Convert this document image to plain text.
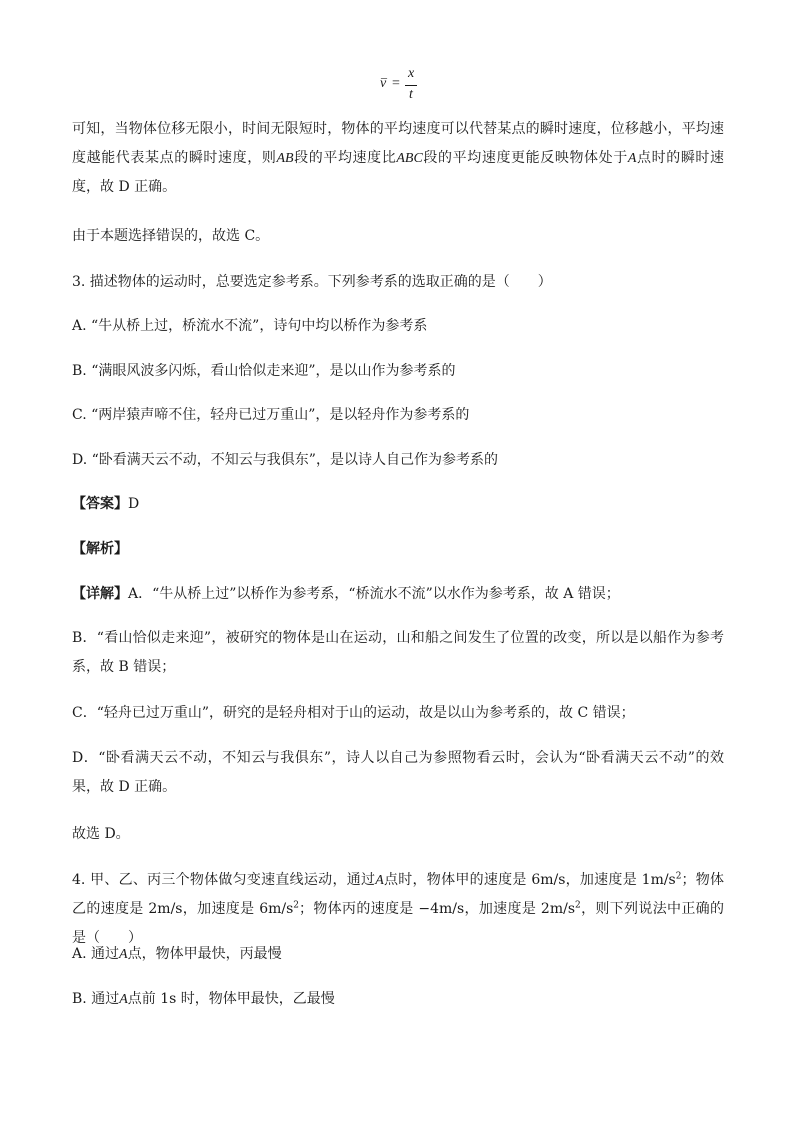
_
v =
x
t

可知，当物体位移无限小，时间无限短时，物体的平均速度可以代替某点的瞬时速度，位移越小，平均速度越能代表某点的瞬时速度，则AB段的平均速度比ABC段的平均速度更能反映物体处于A点时的瞬时速度，故 D 正确。

由于本题选择错误的，故选 C。

3. 描述物体的运动时，总要选定参考系。下列参考系的选取正确的是（　　）

A. “牛从桥上过，桥流水不流”，诗句中均以桥作为参考系

B. “满眼风波多闪烁，看山恰似走来迎”，是以山作为参考系的

C. “两岸猿声啼不住，轻舟已过万重山”，是以轻舟作为参考系的

D. “卧看满天云不动，不知云与我俱东”，是以诗人自己作为参考系的

【答案】D

【解析】

【详解】A．“牛从桥上过”以桥作为参考系，“桥流水不流”以水作为参考系，故 A 错误；

B．“看山恰似走来迎”，被研究的物体是山在运动，山和船之间发生了位置的改变，所以是以船作为参考系，故 B 错误；

C．“轻舟已过万重山”，研究的是轻舟相对于山的运动，故是以山为参考系的，故 C 错误；

D．“卧看满天云不动，不知云与我俱东”，诗人以自己为参照物看云时，会认为“卧看满天云不动”的效果，故 D 正确。

故选 D。

4. 甲、乙、丙三个物体做匀变速直线运动，通过A点时，物体甲的速度是 6m/s，加速度是 $1m/s^2$；物体乙的速度是 2m/s，加速度是 $6m/s^2$；物体丙的速度是 −4m/s，加速度是 $2m/s^2$，则下列说法中正确的是（　　）

A. 通过A点，物体甲最快，丙最慢

B. 通过A点前 1s 时，物体甲最快，乙最慢
